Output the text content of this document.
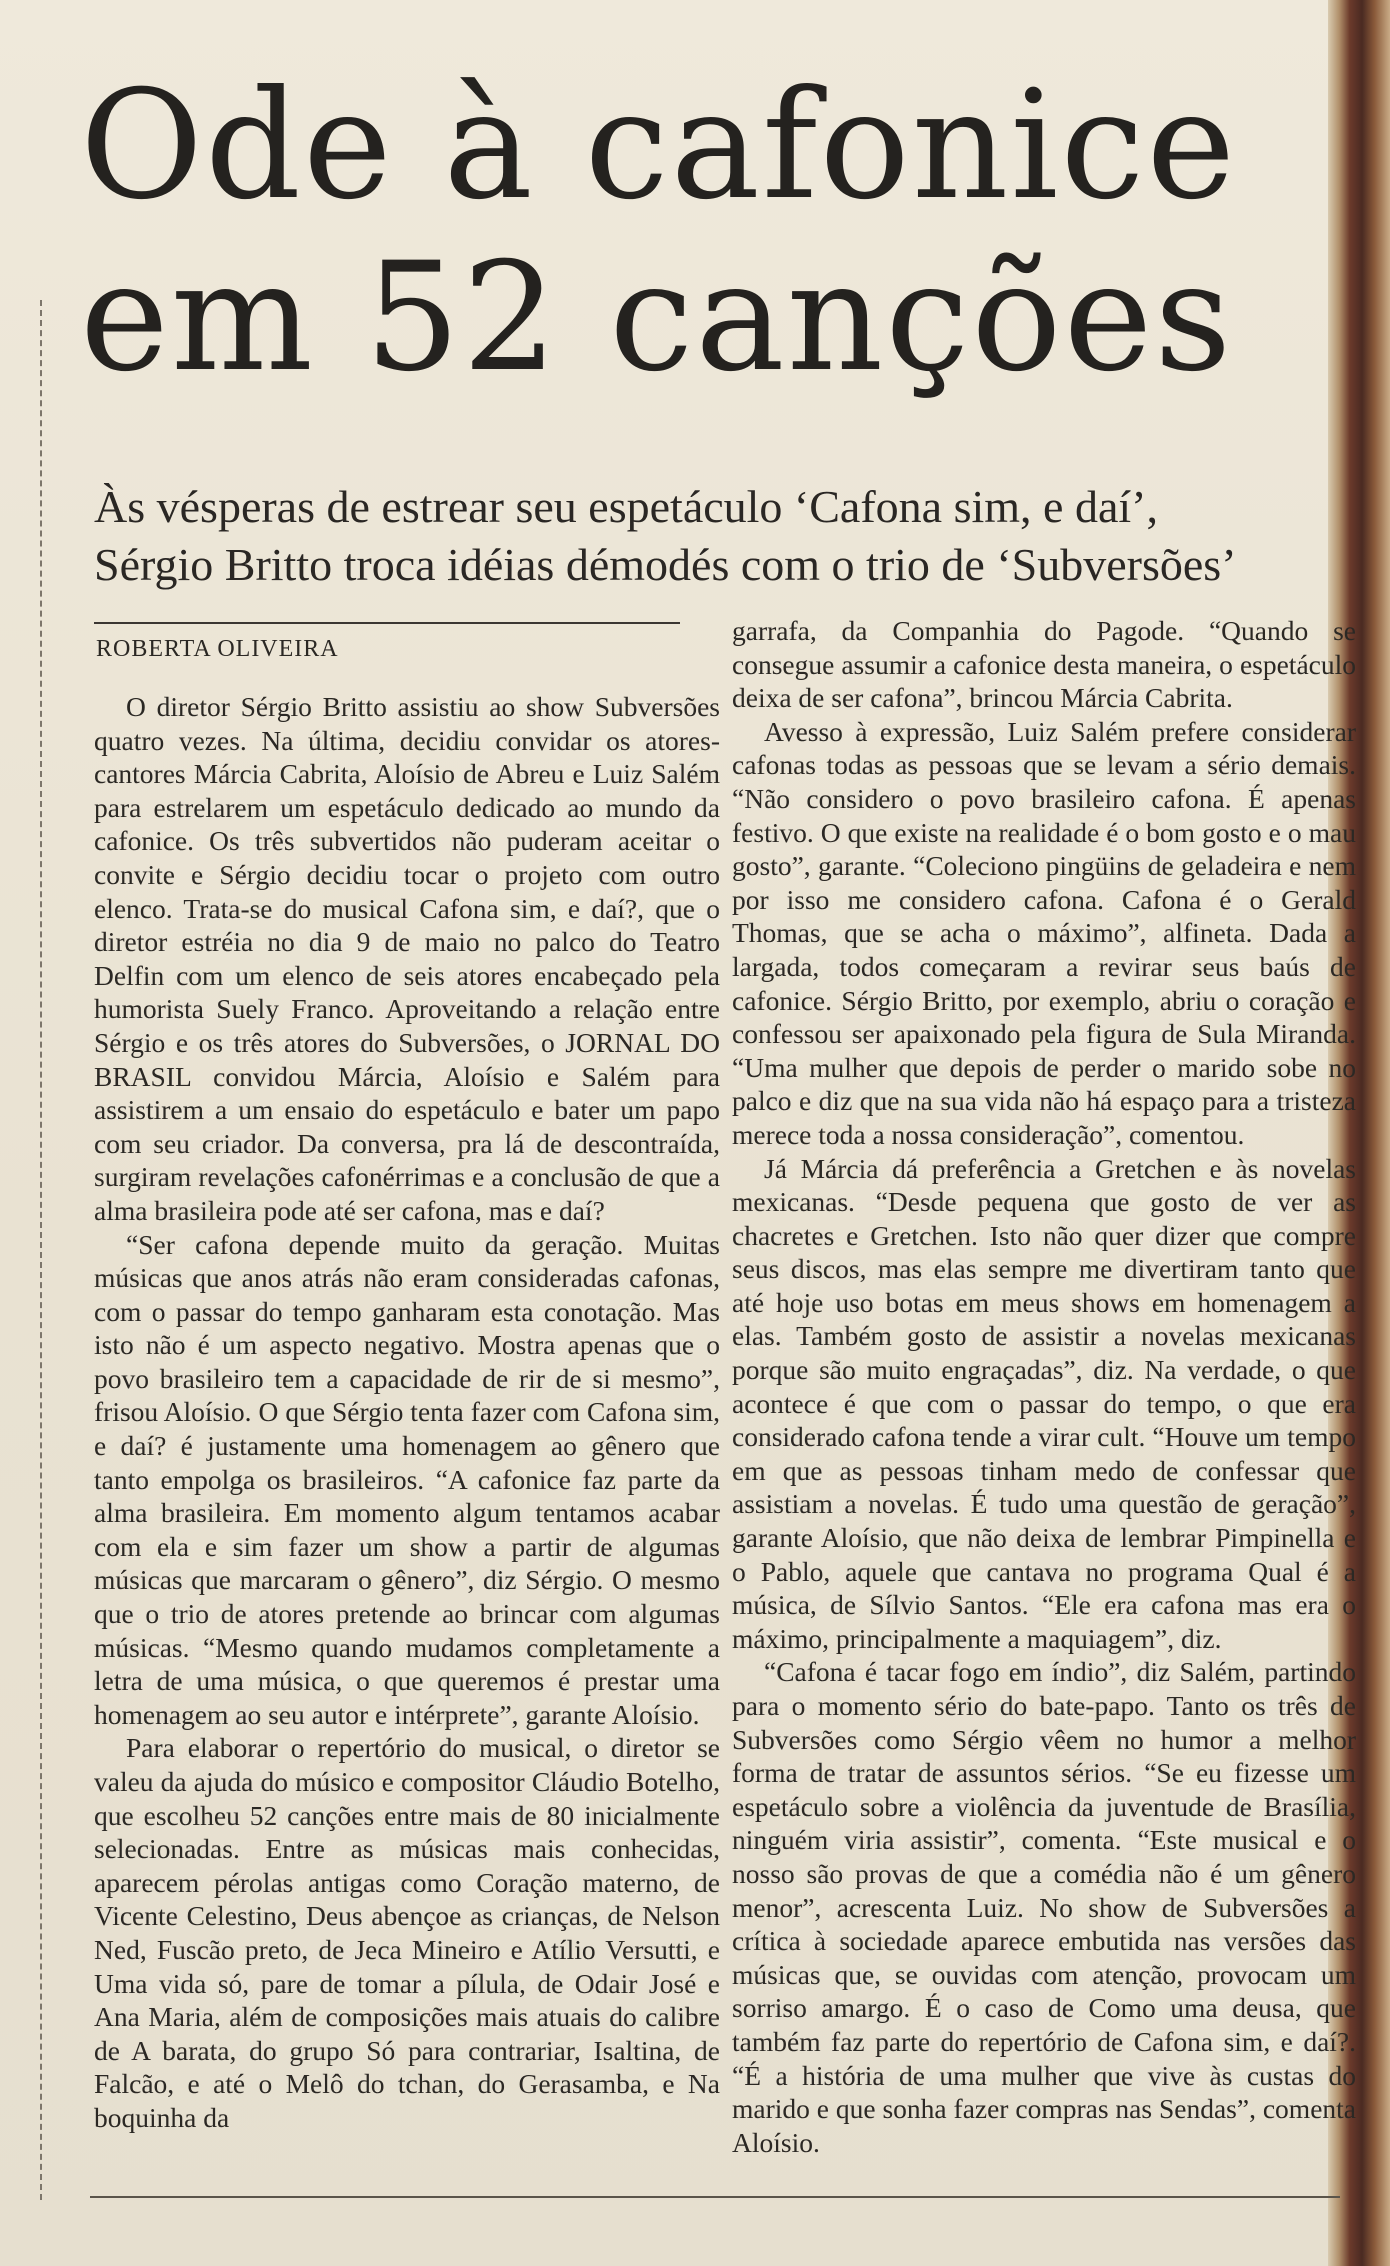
Ode à cafonice
em 52 canções
Às vésperas de estrear seu espetáculo ‘Cafona sim, e daí’,
Sérgio Britto troca idéias démodés com o trio de ‘Subversões’
ROBERTA OLIVEIRA

O diretor Sérgio Britto assistiu ao show Subversões quatro vezes. Na última, decidiu convidar os atores-cantores Márcia Cabrita, Aloísio de Abreu e Luiz Salém para estrelarem um espetáculo dedicado ao mundo da cafonice. Os três subvertidos não puderam aceitar o convite e Sérgio decidiu tocar o projeto com outro elenco. Trata-se do musical Cafona sim, e daí?, que o diretor estréia no dia 9 de maio no palco do Teatro Delfin com um elenco de seis atores encabeçado pela humorista Suely Franco. Aproveitando a relação entre Sérgio e os três atores do Subversões, o JORNAL DO BRASIL convidou Márcia, Aloísio e Salém para assistirem a um ensaio do espetáculo e bater um papo com seu criador. Da conversa, pra lá de descontraída, surgiram revelações cafonérrimas e a conclusão de que a alma brasileira pode até ser cafona, mas e daí?

“Ser cafona depende muito da geração. Muitas músicas que anos atrás não eram consideradas cafonas, com o passar do tempo ganharam esta conotação. Mas isto não é um aspecto negativo. Mostra apenas que o povo brasileiro tem a capacidade de rir de si mesmo”, frisou Aloísio. O que Sérgio tenta fazer com Cafona sim, e daí? é justamente uma homenagem ao gênero que tanto empolga os brasileiros. “A cafonice faz parte da alma brasileira. Em momento algum tentamos acabar com ela e sim fazer um show a partir de algumas músicas que marcaram o gênero”, diz Sérgio. O mesmo que o trio de atores pretende ao brincar com algumas músicas. “Mesmo quando mudamos completamente a letra de uma música, o que queremos é prestar uma homenagem ao seu autor e intérprete”, garante Aloísio.

Para elaborar o repertório do musical, o diretor se valeu da ajuda do músico e compositor Cláudio Botelho, que escolheu 52 canções entre mais de 80 inicialmente selecionadas. Entre as músicas mais conhecidas, aparecem pérolas antigas como Coração materno, de Vicente Celestino, Deus abençoe as crianças, de Nelson Ned, Fuscão preto, de Jeca Mineiro e Atílio Versutti, e Uma vida só, pare de tomar a pílula, de Odair José e Ana Maria, além de composições mais atuais do calibre de A barata, do grupo Só para contrariar, Isaltina, de Falcão, e até o Melô do tchan, do Gerasamba, e Na boquinha da

garrafa, da Companhia do Pagode. “Quando se consegue assumir a cafonice desta maneira, o espetáculo deixa de ser cafona”, brincou Márcia Cabrita.

Avesso à expressão, Luiz Salém prefere considerar cafonas todas as pessoas que se levam a sério demais. “Não considero o povo brasileiro cafona. É apenas festivo. O que existe na realidade é o bom gosto e o mau gosto”, garante. “Coleciono pingüins de geladeira e nem por isso me considero cafona. Cafona é o Gerald Thomas, que se acha o máximo”, alfineta. Dada a largada, todos começaram a revirar seus baús de cafonice. Sérgio Britto, por exemplo, abriu o coração e confessou ser apaixonado pela figura de Sula Miranda. “Uma mulher que depois de perder o marido sobe no palco e diz que na sua vida não há espaço para a tristeza merece toda a nossa consideração”, comentou.

Já Márcia dá preferência a Gretchen e às novelas mexicanas. “Desde pequena que gosto de ver as chacretes e Gretchen. Isto não quer dizer que compre seus discos, mas elas sempre me divertiram tanto que até hoje uso botas em meus shows em homenagem a elas. Também gosto de assistir a novelas mexicanas porque são muito engraçadas”, diz. Na verdade, o que acontece é que com o passar do tempo, o que era considerado cafona tende a virar cult. “Houve um tempo em que as pessoas tinham medo de confessar que assistiam a novelas. É tudo uma questão de geração”, garante Aloísio, que não deixa de lembrar Pimpinella e o Pablo, aquele que cantava no programa Qual é a música, de Sílvio Santos. “Ele era cafona mas era o máximo, principalmente a maquiagem”, diz.

“Cafona é tacar fogo em índio”, diz Salém, partindo para o momento sério do bate-papo. Tanto os três de Subversões como Sérgio vêem no humor a melhor forma de tratar de assuntos sérios. “Se eu fizesse um espetáculo sobre a violência da juventude de Brasília, ninguém viria assistir”, comenta. “Este musical e o nosso são provas de que a comédia não é um gênero menor”, acrescenta Luiz. No show de Subversões a crítica à sociedade aparece embutida nas versões das músicas que, se ouvidas com atenção, provocam um sorriso amargo. É o caso de Como uma deusa, que também faz parte do repertório de Cafona sim, e daí?. “É a história de uma mulher que vive às custas do marido e que sonha fazer compras nas Sendas”, comenta Aloísio.
